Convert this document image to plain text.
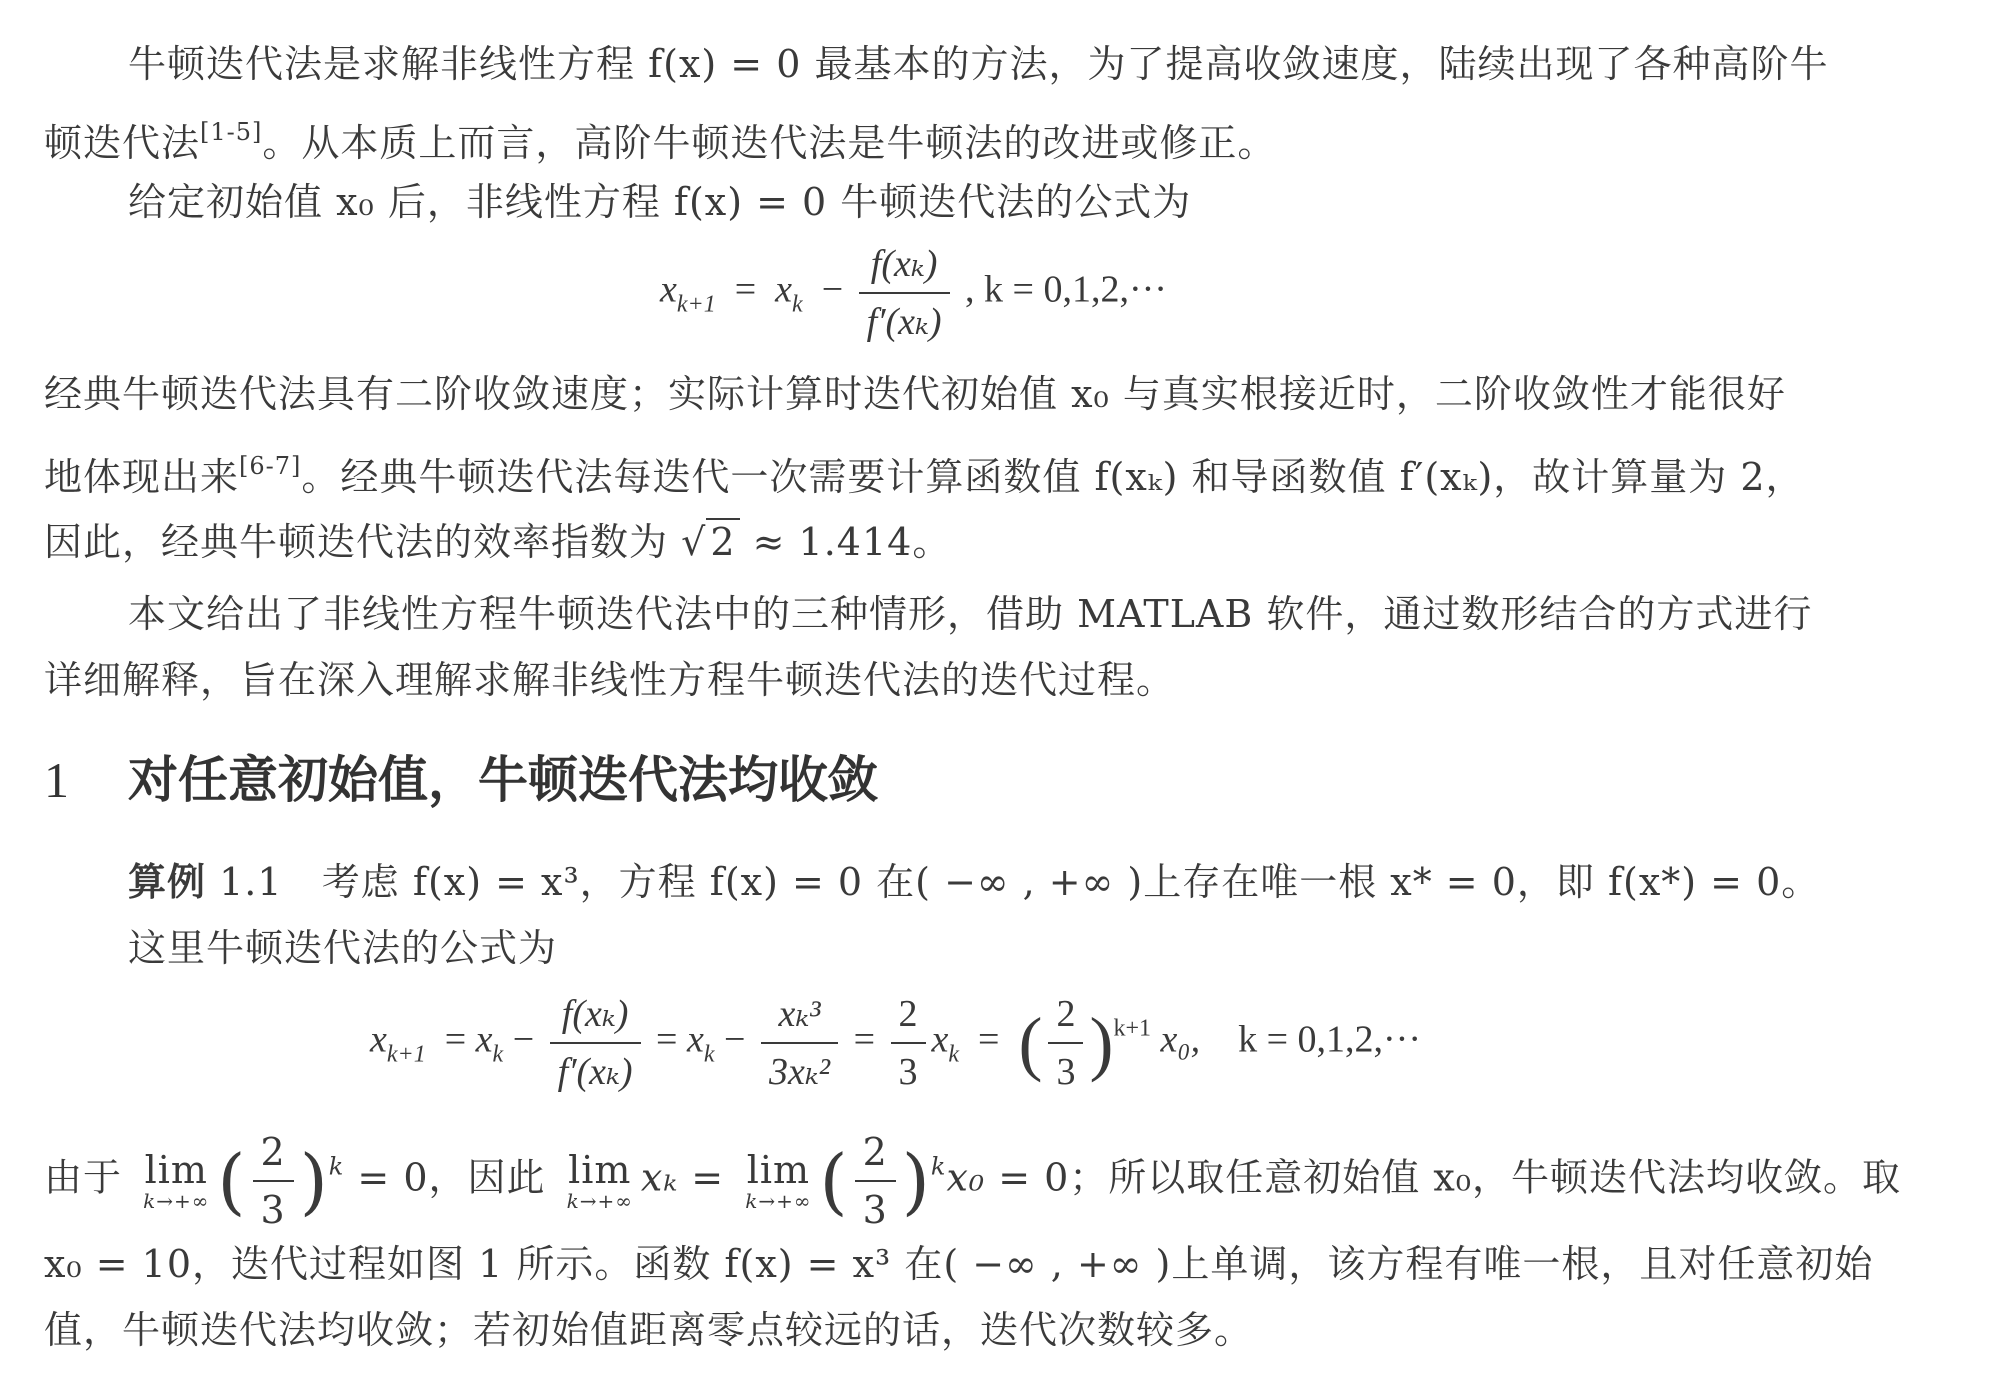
牛顿迭代法是求解非线性方程 f(x) = 0 最基本的方法，为了提高收敛速度，陆续出现了各种高阶牛
顿迭代法[1-5]。从本质上而言，高阶牛顿迭代法是牛顿法的改进或修正。
给定初始值 x₀ 后，非线性方程 f(x) = 0 牛顿迭代法的公式为
$x_{k+1} = x_k - \frac{\text{f(xₖ)}}{\text{f′(xₖ)}}$ , k = 0,1,2,···
经典牛顿迭代法具有二阶收敛速度；实际计算时迭代初始值 x₀ 与真实根接近时，二阶收敛性才能很好
地体现出来[6-7]。经典牛顿迭代法每迭代一次需要计算函数值 f(xₖ) 和导函数值 f′(xₖ)，故计算量为 2，
因此，经典牛顿迭代法的效率指数为 √ 2 ≈ 1.414。
本文给出了非线性方程牛顿迭代法中的三种情形，借助 MATLAB 软件，通过数形结合的方式进行
详细解释，旨在深入理解求解非线性方程牛顿迭代法的迭代过程。
1 对任意初始值，牛顿迭代法均收敛
算例 1.1 考虑 f(x) = x³，方程 f(x) = 0 在( −∞ , +∞ )上存在唯一根 x* = 0，即 f(x*) = 0。
这里牛顿迭代法的公式为
$x_{k+1} = x_k - \frac{\text{f(xₖ)}}{\text{f′(xₖ)}} = x_k - \frac{\text{xₖ³}}{\text{3xₖ²}} = \frac{2}{3} x_k$  =  ( $\frac{2}{3} )^{k+1}$ x₀, k = 0,1,2,···
由于 lim
k→+∞ ( $\frac{2}{3} )^k = 0$，因此 lim
k→+∞
xₖ = lim
k→+∞ ( $\frac{2}{3} )^kx_0 = 0$；所以取任意初始值 x₀，牛顿迭代法均收敛。取
x₀ = 10，迭代过程如图 1 所示。函数 f(x) = x³ 在( −∞ , +∞ )上单调，该方程有唯一根，且对任意初始
值，牛顿迭代法均收敛；若初始值距离零点较远的话，迭代次数较多。
